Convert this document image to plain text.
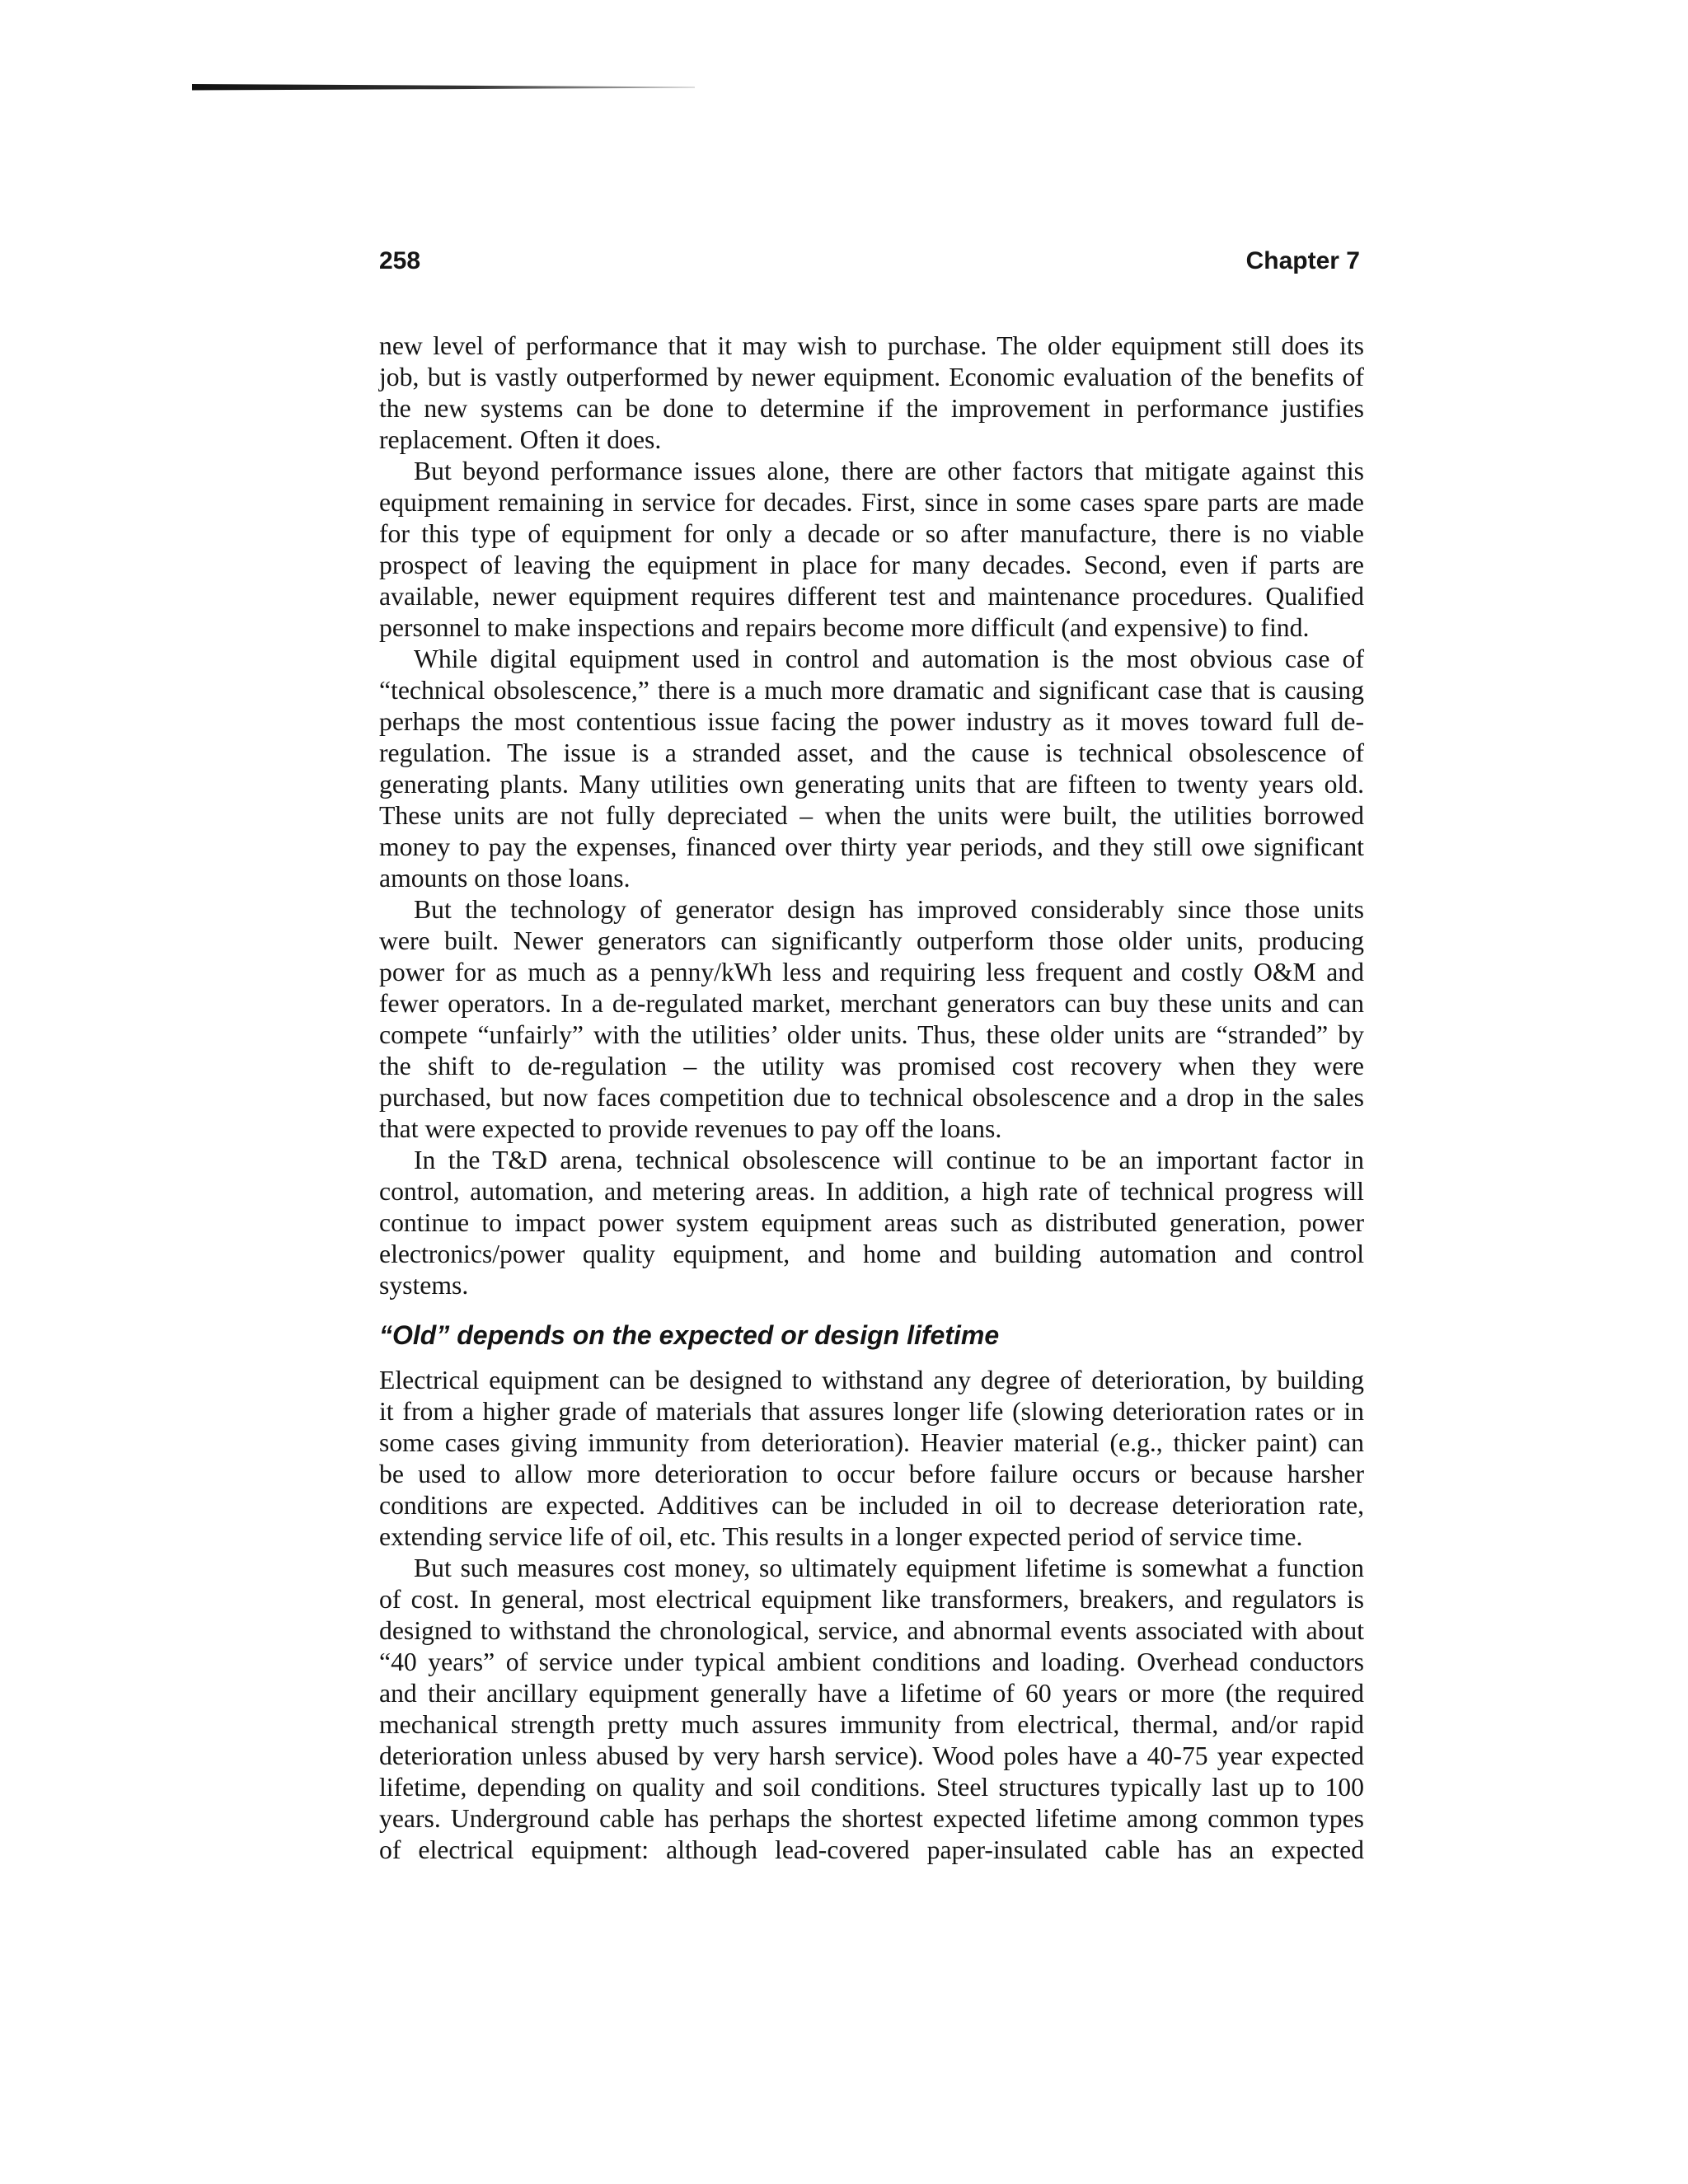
258	Chapter 7
new level of performance that it may wish to purchase. The older equipment still does its
job, but is vastly outperformed by newer equipment. Economic evaluation of the benefits of
the new systems can be done to determine if the improvement in performance justifies
replacement. Often it does.
But beyond performance issues alone, there are other factors that mitigate against this
equipment remaining in service for decades. First, since in some cases spare parts are made
for this type of equipment for only a decade or so after manufacture, there is no viable
prospect of leaving the equipment in place for many decades. Second, even if parts are
available, newer equipment requires different test and maintenance procedures. Qualified
personnel to make inspections and repairs become more difficult (and expensive) to find.
While digital equipment used in control and automation is the most obvious case of
“technical obsolescence,” there is a much more dramatic and significant case that is causing
perhaps the most contentious issue facing the power industry as it moves toward full de-
regulation. The issue is a stranded asset, and the cause is technical obsolescence of
generating plants. Many utilities own generating units that are fifteen to twenty years old.
These units are not fully depreciated – when the units were built, the utilities borrowed
money to pay the expenses, financed over thirty year periods, and they still owe significant
amounts on those loans.
But the technology of generator design has improved considerably since those units
were built. Newer generators can significantly outperform those older units, producing
power for as much as a penny/kWh less and requiring less frequent and costly O&M and
fewer operators. In a de-regulated market, merchant generators can buy these units and can
compete “unfairly” with the utilities’ older units. Thus, these older units are “stranded” by
the shift to de-regulation – the utility was promised cost recovery when they were
purchased, but now faces competition due to technical obsolescence and a drop in the sales
that were expected to provide revenues to pay off the loans.
In the T&D arena, technical obsolescence will continue to be an important factor in
control, automation, and metering areas. In addition, a high rate of technical progress will
continue to impact power system equipment areas such as distributed generation, power
electronics/power quality equipment, and home and building automation and control
systems.
“Old” depends on the expected or design lifetime
Electrical equipment can be designed to withstand any degree of deterioration, by building
it from a higher grade of materials that assures longer life (slowing deterioration rates or in
some cases giving immunity from deterioration). Heavier material (e.g., thicker paint) can
be used to allow more deterioration to occur before failure occurs or because harsher
conditions are expected. Additives can be included in oil to decrease deterioration rate,
extending service life of oil, etc. This results in a longer expected period of service time.
But such measures cost money, so ultimately equipment lifetime is somewhat a function
of cost. In general, most electrical equipment like transformers, breakers, and regulators is
designed to withstand the chronological, service, and abnormal events associated with about
“40 years” of service under typical ambient conditions and loading. Overhead conductors
and their ancillary equipment generally have a lifetime of 60 years or more (the required
mechanical strength pretty much assures immunity from electrical, thermal, and/or rapid
deterioration unless abused by very harsh service). Wood poles have a 40-75 year expected
lifetime, depending on quality and soil conditions. Steel structures typically last up to 100
years. Underground cable has perhaps the shortest expected lifetime among common types
of electrical equipment: although lead-covered paper-insulated cable has an expected
